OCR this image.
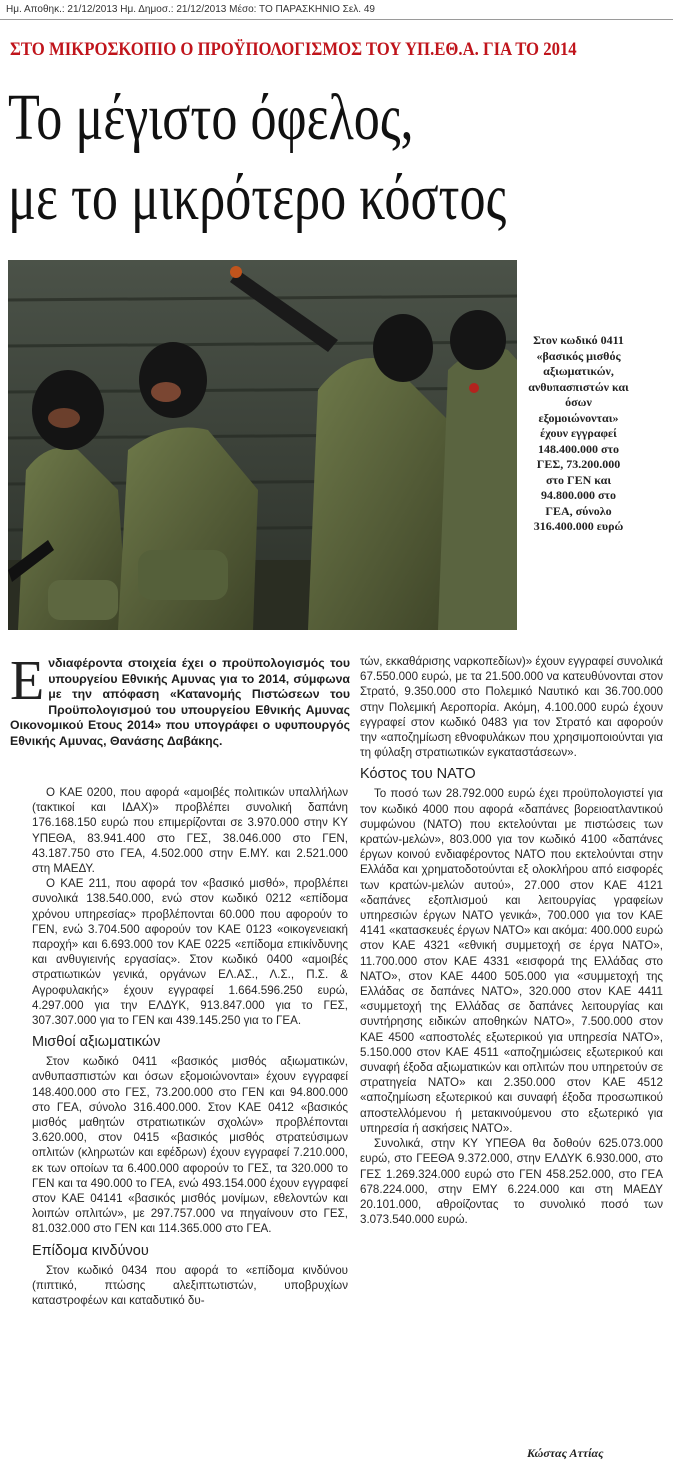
Ημ. Αποθηκ.: 21/12/2013 Ημ. Δημοσ.: 21/12/2013 Μέσο: ΤΟ ΠΑΡΑΣΚΗΝΙΟ Σελ. 49
ΣΤΟ ΜΙΚΡΟΣΚΟΠΙΟ Ο ΠΡΟΫΠΟΛΟΓΙΣΜΟΣ ΤΟΥ ΥΠ.ΕΘ.Α. ΓΙΑ ΤΟ 2014
Το μέγιστο όφελος,
με το μικρότερο κόστος
Στον κωδικό 0411 «βασικός μισθός αξιωματικών, ανθυπασπιστών και όσων εξομοιώνονται» έχουν εγγραφεί 148.400.000 στο ΓΕΣ, 73.200.000 στο ΓΕΝ και 94.800.000 στο ΓΕΑ, σύνολο 316.400.000 ευρώ
Ενδιαφέροντα στοιχεία έχει ο προϋπολογισμός του υπουργείου Εθνικής Αμυνας για το 2014, σύμφωνα με την απόφαση «Κατανομής Πιστώσεων του Προϋπολογισμού του υπουργείου Εθνικής Αμυνας Οικονομικού Ετους 2014» που υπογράφει ο υφυπουργός Εθνικής Αμυνας, Θανάσης Δαβάκης.

Ο ΚΑΕ 0200, που αφορά «αμοιβές πολιτικών υπαλλήλων (τακτικοί και ΙΔΑΧ)» προβλέπει συνολική δαπάνη 176.168.150 ευρώ που επιμερίζονται σε 3.970.000 στην ΚΥ ΥΠΕΘΑ, 83.941.400 στο ΓΕΣ, 38.046.000 στο ΓΕΝ, 43.187.750 στο ΓΕΑ, 4.502.000 στην Ε.ΜΥ. και 2.521.000 στη ΜΑΕΔΥ.

Ο ΚΑΕ 211, που αφορά τον «βασικό μισθό», προβλέπει συνολικά 138.540.000, ενώ στον κωδικό 0212 «επίδομα χρόνου υπηρεσίας» προβλέπονται 60.000 που αφορούν το ΓΕΝ, ενώ 3.704.500 αφορούν τον ΚΑΕ 0123 «οικογενειακή παροχή» και 6.693.000 τον ΚΑΕ 0225 «επίδομα επικίνδυνης και ανθυγιεινής εργασίας». Στον κωδικό 0400 «αμοιβές στρατιωτικών γενικά, οργάνων ΕΛ.ΑΣ., Λ.Σ., Π.Σ. & Αγροφυλακής» έχουν εγγραφεί 1.664.596.250 ευρώ, 4.297.000 για την ΕΛΔΥΚ, 913.847.000 για το ΓΕΣ, 307.307.000 για το ΓΕΝ και 439.145.250 για το ΓΕΑ.

Μισθοί αξιωματικών

Στον κωδικό 0411 «βασικός μισθός αξιωματικών, ανθυπασπιστών και όσων εξομοιώνονται» έχουν εγγραφεί 148.400.000 στο ΓΕΣ, 73.200.000 στο ΓΕΝ και 94.800.000 στο ΓΕΑ, σύνολο 316.400.000. Στον ΚΑΕ 0412 «βασικός μισθός μαθητών στρατιωτικών σχολών» προβλέπονται 3.620.000, στον 0415 «βασικός μισθός στρατεύσιμων οπλιτών (κληρωτών και εφέδρων) έχουν εγγραφεί 7.210.000, εκ των οποίων τα 6.400.000 αφορούν το ΓΕΣ, τα 320.000 το ΓΕΝ και τα 490.000 το ΓΕΑ, ενώ 493.154.000 έχουν εγγραφεί στον ΚΑΕ 04141 «βασικός μισθός μονίμων, εθελοντών και λοιπών οπλιτών», με 297.757.000 να πηγαίνουν στο ΓΕΣ, 81.032.000 στο ΓΕΝ και 114.365.000 στο ΓΕΑ.

Επίδομα κινδύνου

Στον κωδικό 0434 που αφορά το «επίδομα κινδύνου (πιπτικό, πτώσης αλεξιπτωτιστών, υποβρυχίων καταστροφέων και καταδυτικό δυ-

τών, εκκαθάρισης ναρκοπεδίων)» έχουν εγγραφεί συνολικά 67.550.000 ευρώ, με τα 21.500.000 να κατευθύνονται στον Στρατό, 9.350.000 στο Πολεμικό Ναυτικό και 36.700.000 στην Πολεμική Αεροπορία. Ακόμη, 4.100.000 ευρώ έχουν εγγραφεί στον κωδικό 0483 για τον Στρατό και αφορούν την «αποζημίωση εθνοφυλάκων που χρησιμοποιούνται για τη φύλαξη στρατιωτικών εγκαταστάσεων».

Κόστος του ΝΑΤΟ

Το ποσό των 28.792.000 ευρώ έχει προϋπολογιστεί για τον κωδικό 4000 που αφορά «δαπάνες βορειοατλαντικού συμφώνου (ΝΑΤΟ) που εκτελούνται με πιστώσεις των κρατών-μελών», 803.000 για τον κωδικό 4100 «δαπάνες έργων κοινού ενδιαφέροντος ΝΑΤΟ που εκτελούνται στην Ελλάδα και χρηματοδοτούνται εξ ολοκλήρου από εισφορές των κρατών-μελών αυτού», 27.000 στον ΚΑΕ 4121 «δαπάνες εξοπλισμού και λειτουργίας γραφείων υπηρεσιών έργων ΝΑΤΟ γενικά», 700.000 για τον ΚΑΕ 4141 «κατασκευές έργων ΝΑΤΟ» και ακόμα: 400.000 ευρώ στον ΚΑΕ 4321 «εθνική συμμετοχή σε έργα ΝΑΤΟ», 11.700.000 στον ΚΑΕ 4331 «εισφορά της Ελλάδας στο ΝΑΤΟ», στον ΚΑΕ 4400 505.000 για «συμμετοχή της Ελλάδας σε δαπάνες ΝΑΤΟ», 320.000 στον ΚΑΕ 4411 «συμμετοχή της Ελλάδας σε δαπάνες λειτουργίας και συντήρησης ειδικών αποθηκών ΝΑΤΟ», 7.500.000 στον ΚΑΕ 4500 «αποστολές εξωτερικού για υπηρεσία ΝΑΤΟ», 5.150.000 στον ΚΑΕ 4511 «αποζημιώσεις εξωτερικού και συναφή έξοδα αξιωματικών και οπλιτών που υπηρετούν σε στρατηγεία ΝΑΤΟ» και 2.350.000 στον ΚΑΕ 4512 «αποζημίωση εξωτερικού και συναφή έξοδα προσωπικού αποστελλόμενου ή μετακινούμενου στο εξωτερικό για υπηρεσία ή ασκήσεις ΝΑΤΟ».

Συνολικά, στην ΚΥ ΥΠΕΘΑ θα δοθούν 625.073.000 ευρώ, στο ΓΕΕΘΑ 9.372.000, στην ΕΛΔΥΚ 6.930.000, στο ΓΕΣ 1.269.324.000 ευρώ στο ΓΕΝ 458.252.000, στο ΓΕΑ 678.224.000, στην ΕΜΥ 6.224.000 και στη ΜΑΕΔΥ 20.101.000, αθροίζοντας το συνολικό ποσό των 3.073.540.000 ευρώ.

Κώστας Αττίας
